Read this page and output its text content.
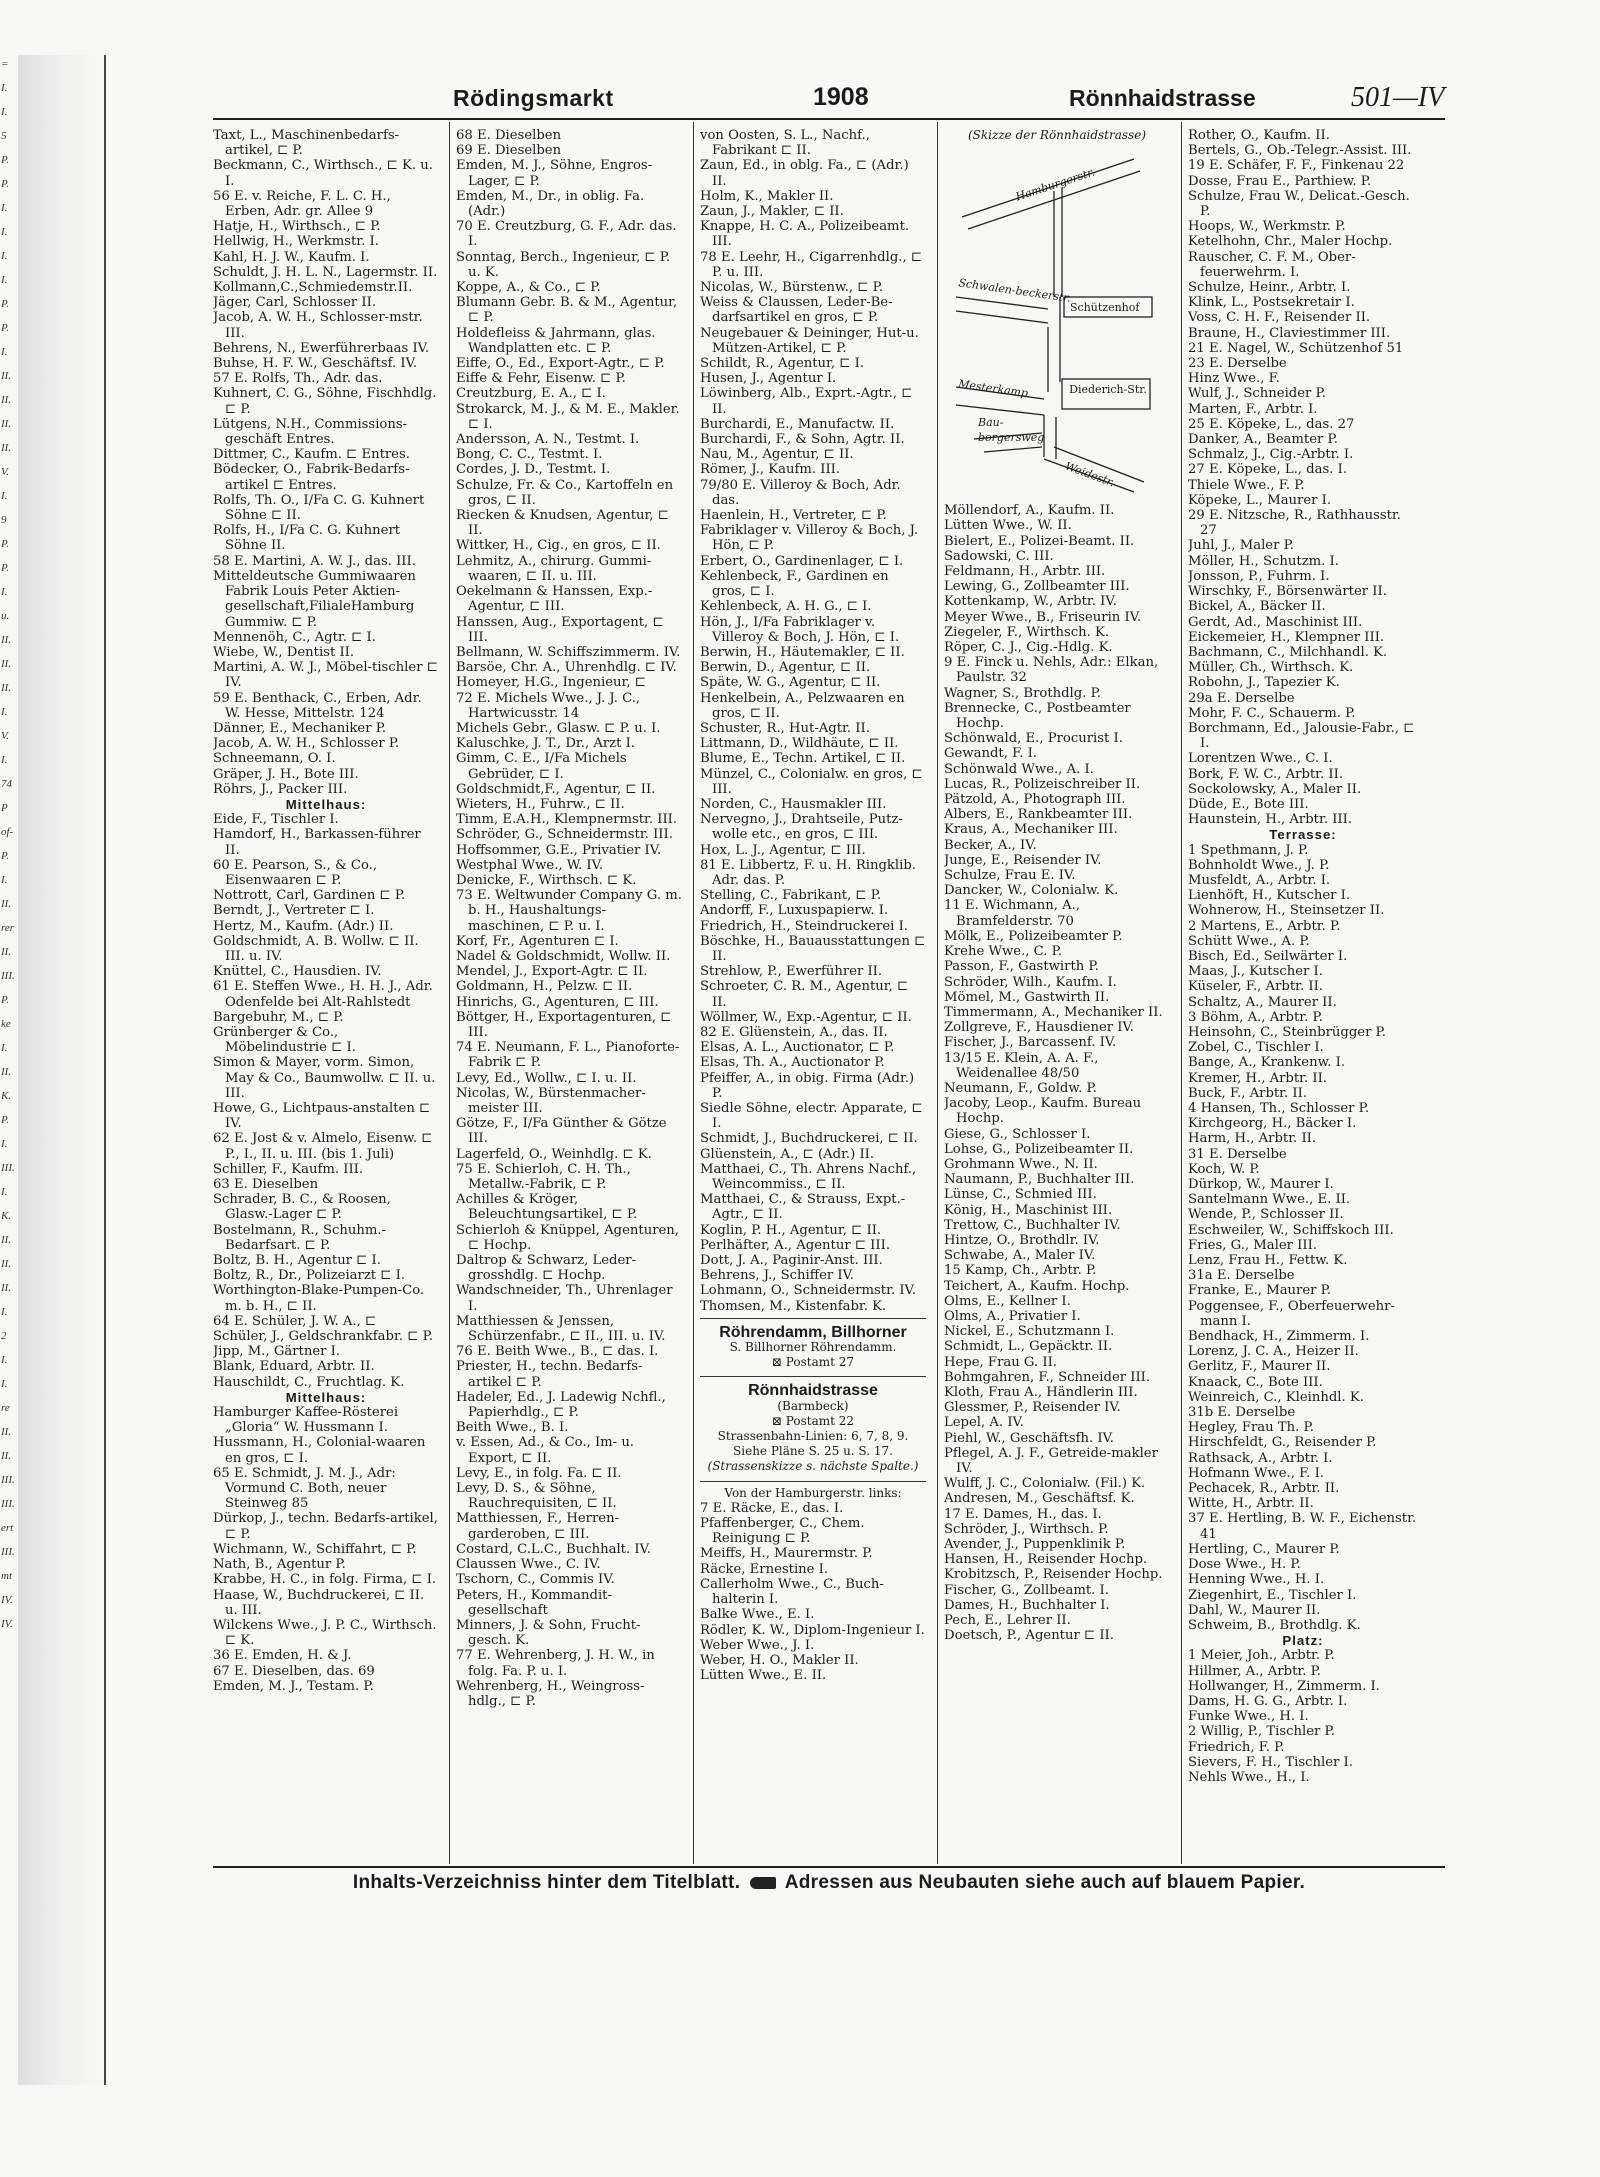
=
I.
I.
5
P.
P.
I.
I.
I.
I.
P.
P.
I.
II.
II.
II.
II.
V.
I.
9
P.
P.
I.
u.
II.
II.
II.
I.
V.
I.
74
P
of-
P.
I.
II.
rer
II.
III.
P.
ke
I.
II.
K.
P.
I.
III.
I.
K.
II.
II.
II.
I.
2
I.
I.
re
II.
II.
III.
III.
ert
III.
mt
IV.
IV.
Rödingsmarkt	1908	Rönnhaidstrasse	501—IV
Taxt, L., Maschinenbedarfs-artikel, ⊏ P.
Beckmann, C., Wirthsch., ⊏ K. u. I.
56 E. v. Reiche, F. L. C. H., Erben, Adr. gr. Allee 9
Hatje, H., Wirthsch., ⊏ P.
Hellwig, H., Werkmstr. I.
Kahl, H. J. W., Kaufm. I.
Schuldt, J. H. L. N., Lagermstr. II.
Kollmann,C.,Schmiedemstr.II.
Jäger, Carl, Schlosser II.
Jacob, A. W. H., Schlosser-mstr. III.
Behrens, N., Ewerführerbaas IV.
Buhse, H. F. W., Geschäftsf. IV.
57 E. Rolfs, Th., Adr. das.
Kuhnert, C. G., Söhne, Fischhdlg. ⊏ P.
Lütgens, N.H., Commissions-geschäft Entres.
Dittmer, C., Kaufm. ⊏ Entres.
Bödecker, O., Fabrik-Bedarfs-artikel ⊏ Entres.
Rolfs, Th. O., I/Fa C. G. Kuhnert Söhne ⊏ II.
Rolfs, H., I/Fa C. G. Kuhnert Söhne II.
58 E. Martini, A. W. J., das. III.
Mitteldeutsche Gummiwaaren Fabrik Louis Peter Aktien-gesellschaft,FilialeHamburg Gummiw. ⊏ P.
Mennenöh, C., Agtr. ⊏ I.
Wiebe, W., Dentist II.
Martini, A. W. J., Möbel-tischler ⊏ IV.
59 E. Benthack, C., Erben, Adr. W. Hesse, Mittelstr. 124
Dänner, E., Mechaniker P.
Jacob, A. W. H., Schlosser P.
Schneemann, O. I.
Gräper, J. H., Bote III.
Röhrs, J., Packer III.
Mittelhaus:
Eide, F., Tischler I.
Hamdorf, H., Barkassen-führer II.
60 E. Pearson, S., & Co., Eisenwaaren ⊏ P.
Nottrott, Carl, Gardinen ⊏ P.
Berndt, J., Vertreter ⊏ I.
Hertz, M., Kaufm. (Adr.) II.
Goldschmidt, A. B. Wollw. ⊏ II. III. u. IV.
Knüttel, C., Hausdien. IV.
61 E. Steffen Wwe., H. H. J., Adr. Odenfelde bei Alt-Rahlstedt
Bargebuhr, M., ⊏ P.
Grünberger & Co., Möbelindustrie ⊏ I.
Simon & Mayer, vorm. Simon, May & Co., Baumwollw. ⊏ II. u. III.
Howe, G., Lichtpaus-anstalten ⊏ IV.
62 E. Jost & v. Almelo, Eisenw. ⊏ P., I., II. u. III. (bis 1. Juli)
Schiller, F., Kaufm. III.
63 E. Dieselben
Schrader, B. C., & Roosen, Glasw.-Lager ⊏ P.
Bostelmann, R., Schuhm.-Bedarfsart. ⊏ P.
Boltz, B. H., Agentur ⊏ I.
Boltz, R., Dr., Polizeiarzt ⊏ I.
Worthington-Blake-Pumpen-Co. m. b. H., ⊏ II.
64 E. Schüler, J. W. A., ⊏
Schüler, J., Geldschrankfabr. ⊏ P.
Jipp, M., Gärtner I.
Blank, Eduard, Arbtr. II.
Hauschildt, C., Fruchtlag. K.
Mittelhaus:
Hamburger Kaffee-Rösterei „Gloria“ W. Hussmann I.
Hussmann, H., Colonial-waaren en gros, ⊏ I.
65 E. Schmidt, J. M. J., Adr: Vormund C. Both, neuer Steinweg 85
Dürkop, J., techn. Bedarfs-artikel, ⊏ P.
Wichmann, W., Schiffahrt, ⊏ P.
Nath, B., Agentur P.
Krabbe, H. C., in folg. Firma, ⊏ I.
Haase, W., Buchdruckerei, ⊏ II. u. III.
Wilckens Wwe., J. P. C., Wirthsch. ⊏ K.
36 E. Emden, H. & J.
67 E. Dieselben, das. 69
Emden, M. J., Testam. P.
68 E. Dieselben
69 E. Dieselben
Emden, M. J., Söhne, Engros-Lager, ⊏ P.
Emden, M., Dr., in oblig. Fa. (Adr.)
70 E. Creutzburg, G. F., Adr. das. I.
Sonntag, Berch., Ingenieur, ⊏ P. u. K.
Koppe, A., & Co., ⊏ P.
Blumann Gebr. B. & M., Agentur, ⊏ P.
Holdefleiss & Jahrmann, glas. Wandplatten etc. ⊏ P.
Eiffe, O., Ed., Export-Agtr., ⊏ P.
Eiffe & Fehr, Eisenw. ⊏ P.
Creutzburg, E. A., ⊏ I.
Strokarck, M. J., & M. E., Makler. ⊏ I.
Andersson, A. N., Testmt. I.
Bong, C. C., Testmt. I.
Cordes, J. D., Testmt. I.
Schulze, Fr. & Co., Kartoffeln en gros, ⊏ II.
Riecken & Knudsen, Agentur, ⊏ II.
Wittker, H., Cig., en gros, ⊏ II.
Lehmitz, A., chirurg. Gummi-waaren, ⊏ II. u. III.
Oekelmann & Hanssen, Exp.-Agentur, ⊏ III.
Hanssen, Aug., Exportagent, ⊏ III.
Bellmann, W. Schiffszimmerm. IV.
Barsöe, Chr. A., Uhrenhdlg. ⊏ IV.
Homeyer, H.G., Ingenieur, ⊏
72 E. Michels Wwe., J. J. C., Hartwicusstr. 14
Michels Gebr., Glasw. ⊏ P. u. I.
Kaluschke, J. T., Dr., Arzt I.
Gimm, C. E., I/Fa Michels Gebrüder, ⊏ I.
Goldschmidt,F., Agentur, ⊏ II.
Wieters, H., Fuhrw., ⊏ II.
Timm, E.A.H., Klempnermstr. III.
Schröder, G., Schneidermstr. III.
Hoffsommer, G.E., Privatier IV.
Westphal Wwe., W. IV.
Denicke, F., Wirthsch. ⊏ K.
73 E. Weltwunder Company G. m. b. H., Haushaltungs-maschinen, ⊏ P. u. I.
Korf, Fr., Agenturen ⊏ I.
Nadel & Goldschmidt, Wollw. II.
Mendel, J., Export-Agtr. ⊏ II.
Goldmann, H., Pelzw. ⊏ II.
Hinrichs, G., Agenturen, ⊏ III.
Böttger, H., Exportagenturen, ⊏ III.
74 E. Neumann, F. L., Pianoforte-Fabrik ⊏ P.
Levy, Ed., Wollw., ⊏ I. u. II.
Nicolas, W., Bürstenmacher-meister III.
Götze, F., I/Fa Günther & Götze III.
Lagerfeld, O., Weinhdlg. ⊏ K.
75 E. Schierloh, C. H. Th., Metallw.-Fabrik, ⊏ P.
Achilles & Kröger, Beleuchtungsartikel, ⊏ P.
Schierloh & Knüppel, Agenturen, ⊏ Hochp.
Daltrop & Schwarz, Leder-grosshdlg. ⊏ Hochp.
Wandschneider, Th., Uhrenlager I.
Matthiessen & Jenssen, Schürzenfabr., ⊏ II., III. u. IV.
76 E. Beith Wwe., B., ⊏ das. I.
Priester, H., techn. Bedarfs-artikel ⊏ P.
Hadeler, Ed., J. Ladewig Nchfl., Papierhdlg., ⊏ P.
Beith Wwe., B. I.
v. Essen, Ad., & Co., Im- u. Export, ⊏ II.
Levy, E., in folg. Fa. ⊏ II.
Levy, D. S., & Söhne, Rauchrequisiten, ⊏ II.
Matthiessen, F., Herren-garderoben, ⊏ III.
Costard, C.L.C., Buchhalt. IV.
Claussen Wwe., C. IV.
Tschorn, C., Commis IV.
Peters, H., Kommandit-gesellschaft
Minners, J. & Sohn, Frucht-gesch. K.
77 E. Wehrenberg, J. H. W., in folg. Fa. P. u. I.
Wehrenberg, H., Weingross-hdlg., ⊏ P.
von Oosten, S. L., Nachf., Fabrikant ⊏ II.
Zaun, Ed., in oblg. Fa., ⊏ (Adr.) II.
Holm, K., Makler II.
Zaun, J., Makler, ⊏ II.
Knappe, H. C. A., Polizeibeamt. III.
78 E. Leehr, H., Cigarrenhdlg., ⊏ P. u. III.
Nicolas, W., Bürstenw., ⊏ P.
Weiss & Claussen, Leder-Be-darfsartikel en gros, ⊏ P.
Neugebauer & Deininger, Hut-u. Mützen-Artikel, ⊏ P.
Schildt, R., Agentur, ⊏ I.
Husen, J., Agentur I.
Löwinberg, Alb., Exprt.-Agtr., ⊏ II.
Burchardi, E., Manufactw. II.
Burchardi, F., & Sohn, Agtr. II.
Nau, M., Agentur, ⊏ II.
Römer, J., Kaufm. III.
79/80 E. Villeroy & Boch, Adr. das.
Haenlein, H., Vertreter, ⊏ P.
Fabriklager v. Villeroy & Boch, J. Hön, ⊏ P.
Erbert, O., Gardinenlager, ⊏ I.
Kehlenbeck, F., Gardinen en gros, ⊏ I.
Kehlenbeck, A. H. G., ⊏ I.
Hön, J., I/Fa Fabriklager v. Villeroy & Boch, J. Hön, ⊏ I.
Berwin, H., Häutemakler, ⊏ II.
Berwin, D., Agentur, ⊏ II.
Späte, W. G., Agentur, ⊏ II.
Henkelbein, A., Pelzwaaren en gros, ⊏ II.
Schuster, R., Hut-Agtr. II.
Littmann, D., Wildhäute, ⊏ II.
Blume, E., Techn. Artikel, ⊏ II.
Münzel, C., Colonialw. en gros, ⊏ III.
Norden, C., Hausmakler III.
Nervegno, J., Drahtseile, Putz-wolle etc., en gros, ⊏ III.
Hox, L. J., Agentur, ⊏ III.
81 E. Libbertz, F. u. H. Ringklib. Adr. das. P.
Stelling, C., Fabrikant, ⊏ P.
Andorff, F., Luxuspapierw. I.
Friedrich, H., Steindruckerei I.
Böschke, H., Bauausstattungen ⊏ II.
Strehlow, P., Ewerführer II.
Schroeter, C. R. M., Agentur, ⊏ II.
Wöllmer, W., Exp.-Agentur, ⊏ II.
82 E. Glüenstein, A., das. II.
Elsas, A. L., Auctionator, ⊏ P.
Elsas, Th. A., Auctionator P.
Pfeiffer, A., in obig. Firma (Adr.) P.
Siedle Söhne, electr. Apparate, ⊏ I.
Schmidt, J., Buchdruckerei, ⊏ II.
Glüenstein, A., ⊏ (Adr.) II.
Matthaei, C., Th. Ahrens Nachf., Weincommiss., ⊏ II.
Matthaei, C., & Strauss, Expt.-Agtr., ⊏ II.
Koglin, P. H., Agentur, ⊏ II.
Perlhäfter, A., Agentur ⊏ III.
Dott, J. A., Paginir-Anst. III.
Behrens, J., Schiffer IV.
Lohmann, O., Schneidermstr. IV.
Thomsen, M., Kistenfabr. K.
Röhrendamm, Billhorner
S. Billhorner Röhrendamm.
⊠ Postamt 27
Rönnhaidstrasse
(Barmbeck)
⊠ Postamt 22
Strassenbahn-Linien: 6, 7, 8, 9.
Siehe Pläne S. 25 u. S. 17.
(Strassenskizze s. nächste Spalte.)
Von der Hamburgerstr. links:
7 E. Räcke, E., das. I.
Pfaffenberger, C., Chem. Reinigung ⊏ P.
Meiffs, H., Maurermstr. P.
Räcke, Ernestine I.
Callerholm Wwe., C., Buch-halterin I.
Balke Wwe., E. I.
Rödler, K. W., Diplom-Ingenieur I.
Weber Wwe., J. I.
Weber, H. O., Makler II.
Lütten Wwe., E. II.
(Skizze der Rönnhaidstrasse)
Hamburgerstr.
Schwalen-beckerstr.
Schützenhof
Mesterkamp	Diederich-Str.
Bau-borgersweg
Weidestr.
Möllendorf, A., Kaufm. II.
Lütten Wwe., W. II.
Bielert, E., Polizei-Beamt. II.
Sadowski, C. III.
Feldmann, H., Arbtr. III.
Lewing, G., Zollbeamter III.
Kottenkamp, W., Arbtr. IV.
Meyer Wwe., B., Friseurin IV.
Ziegeler, F., Wirthsch. K.
Röper, C. J., Cig.-Hdlg. K.
9 E. Finck u. Nehls, Adr.: Elkan, Paulstr. 32
Wagner, S., Brothdlg. P.
Brennecke, C., Postbeamter Hochp.
Schönwald, E., Procurist I.
Gewandt, F. I.
Schönwald Wwe., A. I.
Lucas, R., Polizeischreiber II.
Pätzold, A., Photograph III.
Albers, E., Rankbeamter III.
Kraus, A., Mechaniker III.
Becker, A., IV.
Junge, E., Reisender IV.
Schulze, Frau E. IV.
Dancker, W., Colonialw. K.
11 E. Wichmann, A., Bramfelderstr. 70
Mölk, E., Polizeibeamter P.
Krehe Wwe., C. P.
Passon, F., Gastwirth P.
Schröder, Wilh., Kaufm. I.
Mömel, M., Gastwirth II.
Timmermann, A., Mechaniker II.
Zollgreve, F., Hausdiener IV.
Fischer, J., Barcassenf. IV.
13/15 E. Klein, A. A. F., Weidenallee 48/50
Neumann, F., Goldw. P.
Jacoby, Leop., Kaufm. Bureau Hochp.
Giese, G., Schlosser I.
Lohse, G., Polizeibeamter II.
Grohmann Wwe., N. II.
Naumann, P., Buchhalter III.
Lünse, C., Schmied III.
König, H., Maschinist III.
Trettow, C., Buchhalter IV.
Hintze, O., Brothdlr. IV.
Schwabe, A., Maler IV.
15 Kamp, Ch., Arbtr. P.
Teichert, A., Kaufm. Hochp.
Olms, E., Kellner I.
Olms, A., Privatier I.
Nickel, E., Schutzmann I.
Schmidt, L., Gepäcktr. II.
Hepe, Frau G. II.
Bohmgahren, F., Schneider III.
Kloth, Frau A., Händlerin III.
Glessmer, P., Reisender IV.
Lepel, A. IV.
Piehl, W., Geschäftsfh. IV.
Pflegel, A. J. F., Getreide-makler IV.
Wulff, J. C., Colonialw. (Fil.) K.
Andresen, M., Geschäftsf. K.
17 E. Dames, H., das. I.
Schröder, J., Wirthsch. P.
Avender, J., Puppenklinik P.
Hansen, H., Reisender Hochp.
Krobitzsch, P., Reisender Hochp.
Fischer, G., Zollbeamt. I.
Dames, H., Buchhalter I.
Pech, E., Lehrer II.
Doetsch, P., Agentur ⊏ II.
Rother, O., Kaufm. II.
Bertels, G., Ob.-Telegr.-Assist. III.
19 E. Schäfer, F. F., Finkenau 22
Dosse, Frau E., Parthiew. P.
Schulze, Frau W., Delicat.-Gesch. P.
Hoops, W., Werkmstr. P.
Ketelhohn, Chr., Maler Hochp.
Rauscher, C. F. M., Ober-feuerwehrm. I.
Schulze, Heinr., Arbtr. I.
Klink, L., Postsekretair I.
Voss, C. H. F., Reisender II.
Braune, H., Claviestimmer III.
21 E. Nagel, W., Schützenhof 51
23 E. Derselbe
Hinz Wwe., F.
Wulf, J., Schneider P.
Marten, F., Arbtr. I.
25 E. Köpeke, L., das. 27
Danker, A., Beamter P.
Schmalz, J., Cig.-Arbtr. I.
27 E. Köpeke, L., das. I.
Thiele Wwe., F. P.
Köpeke, L., Maurer I.
29 E. Nitzsche, R., Rathhausstr. 27
Juhl, J., Maler P.
Möller, H., Schutzm. I.
Jonsson, P., Fuhrm. I.
Wirschky, F., Börsenwärter II.
Bickel, A., Bäcker II.
Gerdt, Ad., Maschinist III.
Eickemeier, H., Klempner III.
Bachmann, C., Milchhandl. K.
Müller, Ch., Wirthsch. K.
Robohn, J., Tapezier K.
29a E. Derselbe
Mohr, F. C., Schauerm. P.
Borchmann, Ed., Jalousie-Fabr., ⊏ I.
Lorentzen Wwe., C. I.
Bork, F. W. C., Arbtr. II.
Sockolowsky, A., Maler II.
Düde, E., Bote III.
Haunstein, H., Arbtr. III.
Terrasse:
1 Spethmann, J. P.
Bohnholdt Wwe., J. P.
Musfeldt, A., Arbtr. I.
Lienhöft, H., Kutscher I.
Wohnerow, H., Steinsetzer II.
2 Martens, E., Arbtr. P.
Schütt Wwe., A. P.
Bisch, Ed., Seilwärter I.
Maas, J., Kutscher I.
Küseler, F., Arbtr. II.
Schaltz, A., Maurer II.
3 Böhm, A., Arbtr. P.
Heinsohn, C., Steinbrügger P.
Zobel, C., Tischler I.
Bange, A., Krankenw. I.
Kremer, H., Arbtr. II.
Buck, F., Arbtr. II.
4 Hansen, Th., Schlosser P.
Kirchgeorg, H., Bäcker I.
Harm, H., Arbtr. II.
31 E. Derselbe
Koch, W. P.
Dürkop, W., Maurer I.
Santelmann Wwe., E. II.
Wende, P., Schlosser II.
Eschweiler, W., Schiffskoch III.
Fries, G., Maler III.
Lenz, Frau H., Fettw. K.
31a E. Derselbe
Franke, E., Maurer P.
Poggensee, F., Oberfeuerwehr-mann I.
Bendhack, H., Zimmerm. I.
Lorenz, J. C. A., Heizer II.
Gerlitz, F., Maurer II.
Knaack, C., Bote III.
Weinreich, C., Kleinhdl. K.
31b E. Derselbe
Hegley, Frau Th. P.
Hirschfeldt, G., Reisender P.
Rathsack, A., Arbtr. I.
Hofmann Wwe., F. I.
Pechacek, R., Arbtr. II.
Witte, H., Arbtr. II.
37 E. Hertling, B. W. F., Eichenstr. 41
Hertling, C., Maurer P.
Dose Wwe., H. P.
Henning Wwe., H. I.
Ziegenhirt, E., Tischler I.
Dahl, W., Maurer II.
Schweim, B., Brothdlg. K.
Platz:
1 Meier, Joh., Arbtr. P.
Hillmer, A., Arbtr. P.
Hollwanger, H., Zimmerm. I.
Dams, H. G. G., Arbtr. I.
Funke Wwe., H. I.
2 Willig, P., Tischler P.
Friedrich, F. P.
Sievers, F. H., Tischler I.
Nehls Wwe., H., I.
Inhalts-Verzeichniss hinter dem Titelblatt. Adressen aus Neubauten siehe auch auf blauem Papier.
